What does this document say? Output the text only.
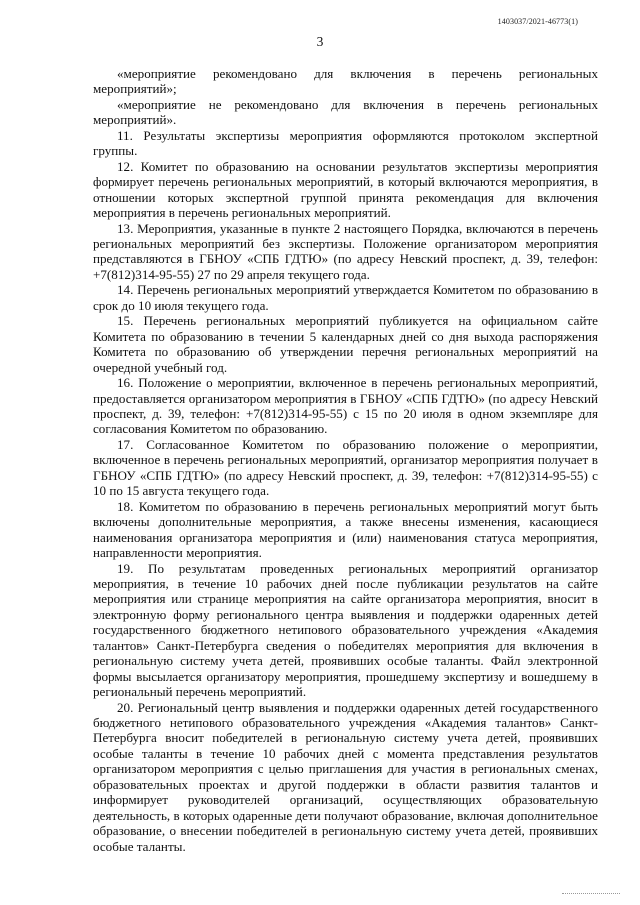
1403037/2021-46773(1)
3

«мероприятие рекомендовано для включения в перечень региональных мероприятий»;

«мероприятие не рекомендовано для включения в перечень региональных мероприятий».

11. Результаты экспертизы мероприятия оформляются протоколом экспертной группы.

12. Комитет по образованию на основании результатов экспертизы мероприятия формирует перечень региональных мероприятий, в который включаются мероприятия, в отношении которых экспертной группой принята рекомендация для включения мероприятия в перечень региональных мероприятий.

13. Мероприятия, указанные в пункте 2 настоящего Порядка, включаются в перечень региональных мероприятий без экспертизы. Положение организатором мероприятия представляются в ГБНОУ «СПБ ГДТЮ» (по адресу Невский проспект, д. 39, телефон: +7(812)314-95-55) 27 по 29 апреля текущего года.

14. Перечень региональных мероприятий утверждается Комитетом по образованию в срок до 10 июля текущего года.

15. Перечень региональных мероприятий публикуется на официальном сайте Комитета по образованию в течении 5 календарных дней со дня выхода распоряжения Комитета по образованию об утверждении перечня региональных мероприятий на очередной учебный год.

16. Положение о мероприятии, включенное в перечень региональных мероприятий, предоставляется организатором мероприятия в ГБНОУ «СПБ ГДТЮ» (по адресу Невский проспект, д. 39, телефон: +7(812)314-95-55) с 15 по 20 июля в одном экземпляре для согласования Комитетом по образованию.

17. Согласованное Комитетом по образованию положение о мероприятии, включенное в перечень региональных мероприятий, организатор мероприятия получает в ГБНОУ «СПБ ГДТЮ» (по адресу Невский проспект, д. 39, телефон: +7(812)314-95-55) с 10 по 15 августа текущего года.

18. Комитетом по образованию в перечень региональных мероприятий могут быть включены дополнительные мероприятия, а также внесены изменения, касающиеся наименования организатора мероприятия и (или) наименования статуса мероприятия, направленности мероприятия.

19. По результатам проведенных региональных мероприятий организатор мероприятия, в течение 10 рабочих дней после публикации результатов на сайте мероприятия или странице мероприятия на сайте организатора мероприятия, вносит в электронную форму регионального центра выявления и поддержки одаренных детей государственного бюджетного нетипового образовательного учреждения «Академия талантов» Санкт-Петербурга сведения о победителях мероприятия для включения в региональную систему учета детей, проявивших особые таланты. Файл электронной формы высылается организатору мероприятия, прошедшему экспертизу и вошедшему в региональный перечень мероприятий.

20. Региональный центр выявления и поддержки одаренных детей государственного бюджетного нетипового образовательного учреждения «Академия талантов» Санкт-Петербурга вносит победителей в региональную систему учета детей, проявивших особые таланты в течение 10 рабочих дней с момента представления результатов организатором мероприятия с целью приглашения для участия в региональных сменах, образовательных проектах и другой поддержки в области развития талантов и информирует руководителей организаций, осуществляющих образовательную деятельность, в которых одаренные дети получают образование, включая дополнительное образование, о внесении победителей в региональную систему учета детей, проявивших особые таланты.
